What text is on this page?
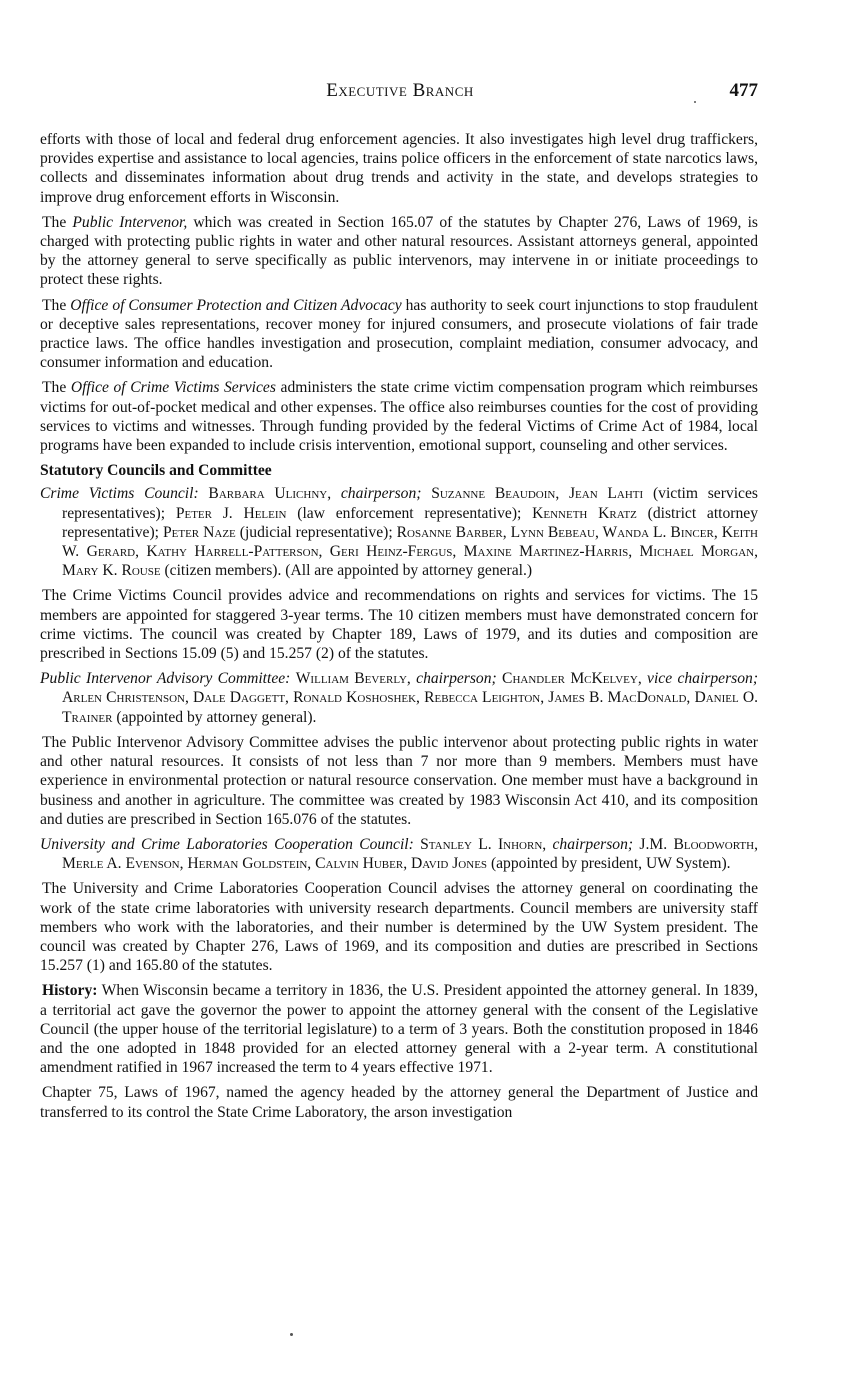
Executive Branch	477

efforts with those of local and federal drug enforcement agencies. It also investigates high level drug traffickers, provides expertise and assistance to local agencies, trains police officers in the enforcement of state narcotics laws, collects and disseminates information about drug trends and activity in the state, and develops strategies to improve drug enforcement efforts in Wisconsin.

The Public Intervenor, which was created in Section 165.07 of the statutes by Chapter 276, Laws of 1969, is charged with protecting public rights in water and other natural resources. Assistant attorneys general, appointed by the attorney general to serve specifically as public intervenors, may intervene in or initiate proceedings to protect these rights.

The Office of Consumer Protection and Citizen Advocacy has authority to seek court injunctions to stop fraudulent or deceptive sales representations, recover money for injured consumers, and prosecute violations of fair trade practice laws. The office handles investigation and prosecution, complaint mediation, consumer advocacy, and consumer information and education.

The Office of Crime Victims Services administers the state crime victim compensation program which reimburses victims for out-of-pocket medical and other expenses. The office also reimburses counties for the cost of providing services to victims and witnesses. Through funding provided by the federal Victims of Crime Act of 1984, local programs have been expanded to include crisis intervention, emotional support, counseling and other services.

Statutory Councils and Committee

Crime Victims Council: Barbara Ulichny, chairperson; Suzanne Beaudoin, Jean Lahti (victim services representatives); Peter J. Helein (law enforcement representative); Kenneth Kratz (district attorney representative); Peter Naze (judicial representative); Rosanne Barber, Lynn Bebeau, Wanda L. Bincer, Keith W. Gerard, Kathy Harrell-Patterson, Geri Heinz-Fergus, Maxine Martinez-Harris, Michael Morgan, Mary K. Rouse (citizen members). (All are appointed by attorney general.)

The Crime Victims Council provides advice and recommendations on rights and services for victims. The 15 members are appointed for staggered 3-year terms. The 10 citizen members must have demonstrated concern for crime victims. The council was created by Chapter 189, Laws of 1979, and its duties and composition are prescribed in Sections 15.09 (5) and 15.257 (2) of the statutes.

Public Intervenor Advisory Committee: William Beverly, chairperson; Chandler McKelvey, vice chairperson; Arlen Christenson, Dale Daggett, Ronald Koshoshek, Rebecca Leighton, James B. MacDonald, Daniel O. Trainer (appointed by attorney general).

The Public Intervenor Advisory Committee advises the public intervenor about protecting public rights in water and other natural resources. It consists of not less than 7 nor more than 9 members. Members must have experience in environmental protection or natural resource conservation. One member must have a background in business and another in agriculture. The committee was created by 1983 Wisconsin Act 410, and its composition and duties are prescribed in Section 165.076 of the statutes.

University and Crime Laboratories Cooperation Council: Stanley L. Inhorn, chairperson; J.M. Bloodworth, Merle A. Evenson, Herman Goldstein, Calvin Huber, David Jones (appointed by president, UW System).

The University and Crime Laboratories Cooperation Council advises the attorney general on coordinating the work of the state crime laboratories with university research departments. Council members are university staff members who work with the laboratories, and their number is determined by the UW System president. The council was created by Chapter 276, Laws of 1969, and its composition and duties are prescribed in Sections 15.257 (1) and 165.80 of the statutes.

History: When Wisconsin became a territory in 1836, the U.S. President appointed the attorney general. In 1839, a territorial act gave the governor the power to appoint the attorney general with the consent of the Legislative Council (the upper house of the territorial legislature) to a term of 3 years. Both the constitution proposed in 1846 and the one adopted in 1848 provided for an elected attorney general with a 2-year term. A constitutional amendment ratified in 1967 increased the term to 4 years effective 1971.

Chapter 75, Laws of 1967, named the agency headed by the attorney general the Department of Justice and transferred to its control the State Crime Laboratory, the arson investigation
